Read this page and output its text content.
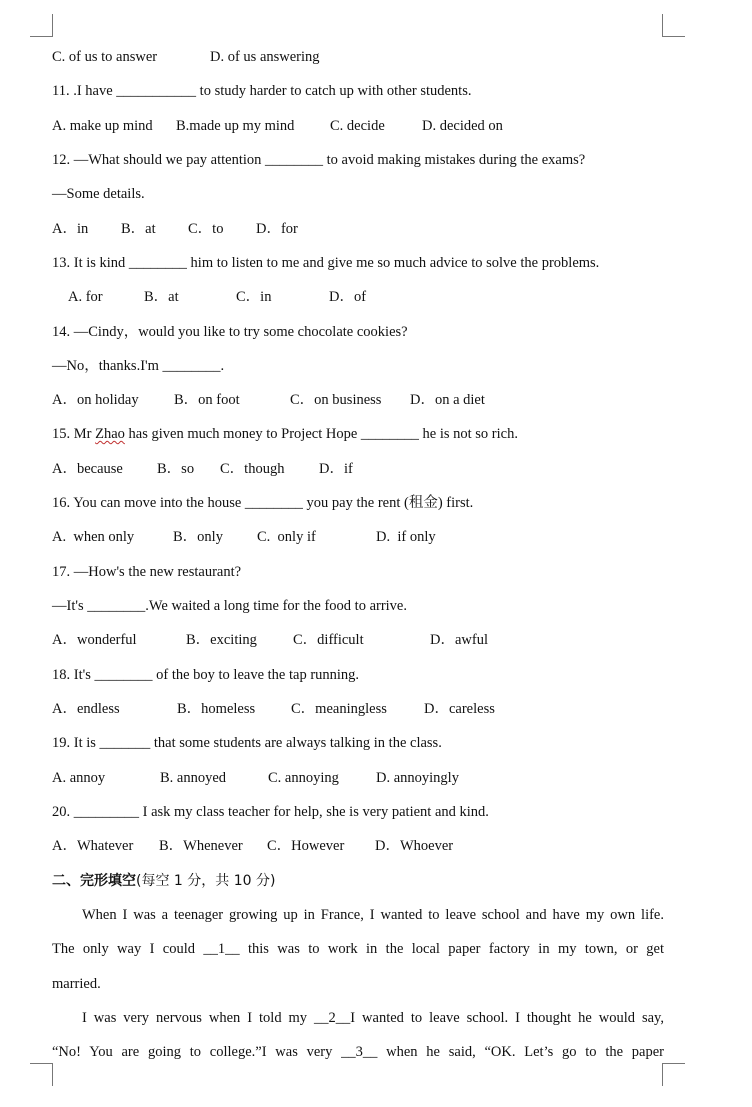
C. of us to answer	D. of us answering
11. .I have ___________ to study harder to catch up with other students.
A. make up mind B.made up my mind C. decide	D. decided on
12. —What should we pay attention ________ to avoid making mistakes during the exams?
—Some details.
A．in B．at C．to D．for
13. It is kind ________ him to listen to me and give me so much advice to solve the problems.
A. for	B．at	C．in	D．of
14. —Cindy，would you like to try some chocolate cookies?
—No，thanks.I'm ________.
A．on holiday B．on foot	C．on business D．on a diet
15. Mr Zhao has given much money to Project Hope ________ he is not so rich.
A．because B．so C．though D．if
16. You can move into the house ________ you pay the rent (租金) first.
A.  when only	B．only C.  only if	D.  if only
17. —How's the new restaurant?
—It's ________.We waited a long time for the food to arrive.
A．wonderful	B．exciting C．difficult	D．awful
18. It's ________ of the boy to leave the tap running.
A．endless	B．homeless C．meaningless	D．careless
19. It is _______ that some students are always talking in the class.
A. annoy	B. annoyed	C. annoying	D. annoyingly
20. _________ I ask my class teacher for help, she is very patient and kind.
A．Whatever B．Whenever C．However D．Whoever
二、完形填空(每空 1 分，共 10 分)
When I was a teenager growing up in France, I wanted to leave school and have my own life.
The only way I could __1__ this was to work in the local paper factory in my town, or get
married.
I was very nervous when I told my __2__I wanted to leave school. I thought he would say,
“No! You are going to college.”I was very __3__ when he said, “OK. Let’s go to the paper
